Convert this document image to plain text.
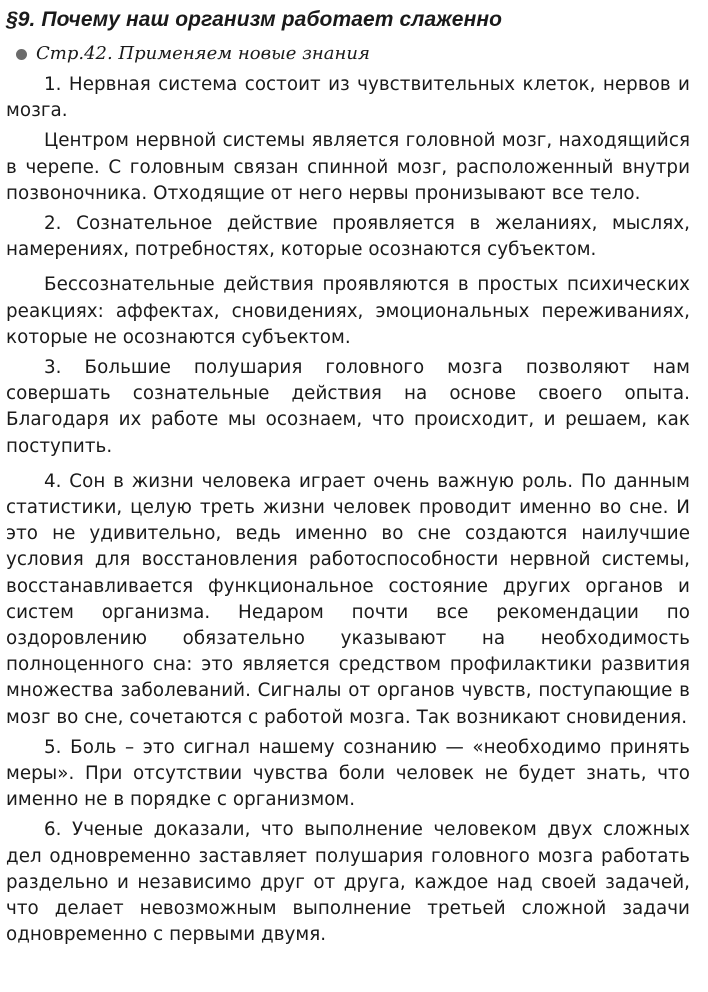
§9. Почему наш организм работает слаженно
Стр.42. Применяем новые знания

1. Нервная система состоит из чувствительных клеток, нервов и мозга.

Центром нервной системы является головной мозг, находящийся в черепе. С головным связан спинной мозг, расположенный внутри позвоночника. Отходящие от него нервы пронизывают все тело.

2. Сознательное действие проявляется в желаниях, мыслях, намерениях, потребностях, которые осознаются субъектом.

Бессознательные действия проявляются в простых психических реакциях: аффектах, сновидениях, эмоциональных переживаниях, которые не осознаются субъектом.

3. Большие полушария головного мозга позволяют нам совершать сознательные действия на основе своего опыта. Благодаря их работе мы осознаем, что происходит, и решаем, как поступить.

4. Сон в жизни человека играет очень важную роль. По данным статистики, целую треть жизни человек проводит именно во сне. И это не удивительно, ведь именно во сне создаются наилучшие условия для восстановления работоспособности нервной системы, восстанавливается функциональное состояние других органов и систем организма. Недаром почти все рекомендации по оздоровлению обязательно указывают на необходимость полноценного сна: это является средством профилактики развития множества заболеваний. Сигналы от органов чувств, поступающие в мозг во сне, сочетаются с работой мозга. Так возникают сновидения.

5. Боль – это сигнал нашему сознанию — «необходимо принять меры». При отсутствии чувства боли человек не будет знать, что именно не в порядке с организмом.

6. Ученые доказали, что выполнение человеком двух сложных дел одновременно заставляет полушария головного мозга работать раздельно и независимо друг от друга, каждое над своей задачей, что делает невозможным выполнение третьей сложной задачи одновременно с первыми двумя.
